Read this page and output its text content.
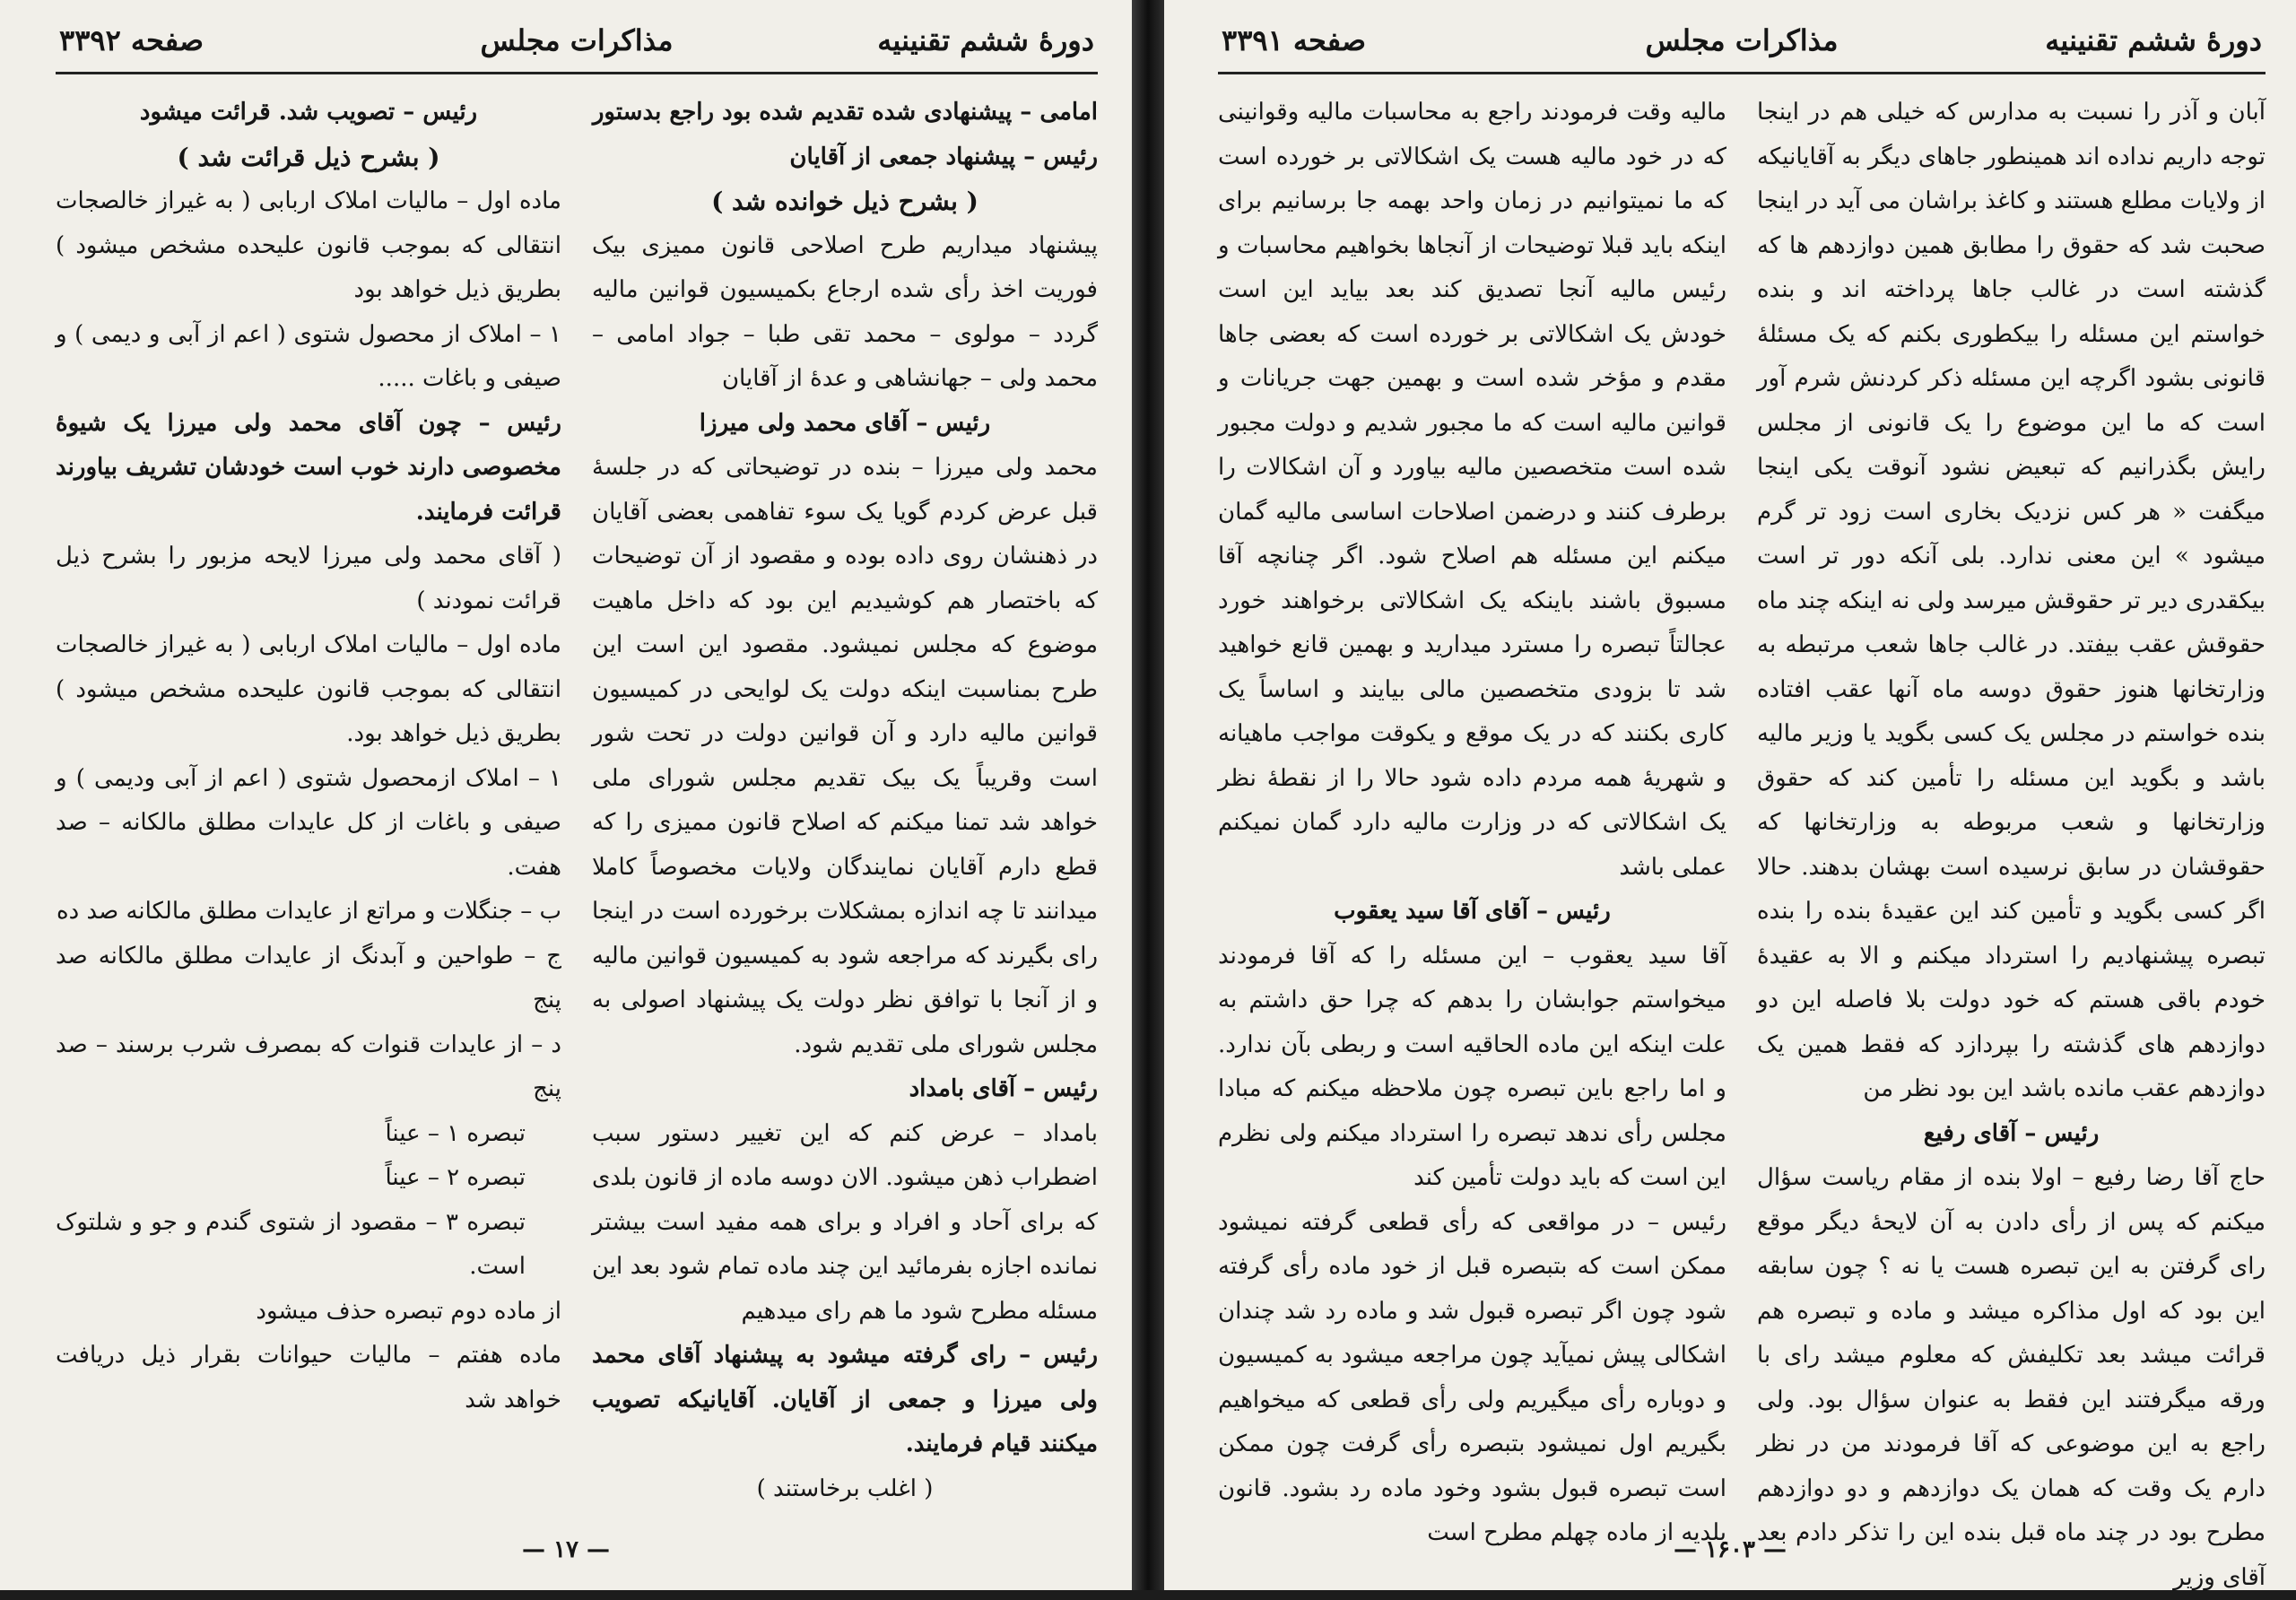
دورهٔ ششم تقنینیه
مذاکرات مجلس
صفحه ۳۳۹۲

امامی – پیشنهادی شده تقدیم شده بود راجع بدستور

رئیس – پیشنهاد جمعی از آقایان

( بشرح ذیل خوانده شد )

پیشنهاد میداریم طرح اصلاحی قانون ممیزی بیک فوریت اخذ رأی شده ارجاع بکمیسیون قوانین مالیه گردد – مولوی – محمد تقی طبا – جواد امامی – محمد ولی – جهانشاهی و عدهٔ از آقایان

رئیس – آقای محمد ولی میرزا

محمد ولی میرزا – بنده در توضیحاتی که در جلسهٔ قبل عرض کردم گویا یک سوء تفاهمی بعضی آقایان در ذهنشان روی داده بوده و مقصود از آن توضیحات که باختصار هم کوشیدیم این بود که داخل ماهیت موضوع که مجلس نمیشود. مقصود این است این طرح بمناسبت اینکه دولت یک لوایحی در کمیسیون قوانین مالیه دارد و آن قوانین دولت در تحت شور است وقریباً یک بیک تقدیم مجلس شورای ملی خواهد شد تمنا میکنم که اصلاح قانون ممیزی را که قطع دارم آقایان نمایندگان ولایات مخصوصاً کاملا میدانند تا چه اندازه بمشکلات برخورده است در اینجا رای بگیرند که مراجعه شود به کمیسیون قوانین مالیه و از آنجا با توافق نظر دولت یک پیشنهاد اصولی به مجلس شورای ملی تقدیم شود.

رئیس – آقای بامداد

بامداد – عرض کنم که این تغییر دستور سبب اضطراب ذهن میشود. الان دوسه ماده از قانون بلدی که برای آحاد و افراد و برای همه مفید است بیشتر نمانده اجازه بفرمائید این چند ماده تمام شود بعد این مسئله مطرح شود ما هم رای میدهیم

رئیس – رای گرفته میشود به پیشنهاد آقای محمد ولی میرزا و جمعی از آقایان. آقایانیکه تصویب میکنند قیام فرمایند.

( اغلب برخاستند )

رئیس – تصویب شد. قرائت میشود

( بشرح ذیل قرائت شد )

ماده اول – مالیات املاک اربابی ( به غیراز خالصجات انتقالی که بموجب قانون علیحده مشخص میشود ) بطریق ذیل خواهد بود

۱ – املاک از محصول شتوی ( اعم از آبی و دیمی ) و صیفی و باغات .....

رئیس – چون آقای محمد ولی میرزا یک شیوهٔ مخصوصی دارند خوب است خودشان تشریف بیاورند قرائت فرمایند.

( آقای محمد ولی میرزا لایحه مزبور را بشرح ذیل قرائت نمودند )

ماده اول – مالیات املاک اربابی ( به غیراز خالصجات انتقالی که بموجب قانون علیحده مشخص میشود ) بطریق ذیل خواهد بود.

۱ – املاک ازمحصول شتوی ( اعم از آبی ودیمی ) و صیفی و باغات از کل عایدات مطلق مالکانه – صد هفت.

ب – جنگلات و مراتع از عایدات مطلق مالکانه صد ده

ج – طواحین و آبدنگ از عایدات مطلق مالکانه صد پنج

د – از عایدات قنوات که بمصرف شرب برسند – صد پنج

تبصره ۱ – عیناً

تبصره ۲ – عیناً

تبصره ۳ – مقصود از شتوی گندم و جو و شلتوک است.

از ماده دوم تبصره حذف میشود

ماده هفتم – مالیات حیوانات بقرار ذیل دریافت خواهد شد

— ۱۷ —
دورهٔ ششم تقنینیه
مذاکرات مجلس
صفحه ۳۳۹۱

آبان و آذر را نسبت به مدارس که خیلی هم در اینجا توجه داریم نداده اند همینطور جاهای دیگر به آقایانیکه از ولایات مطلع هستند و کاغذ براشان می آید در اینجا صحبت شد که حقوق را مطابق همین دوازدهم ها که گذشته است در غالب جاها پرداخته اند و بنده خواستم این مسئله را بیکطوری بکنم که یک مسئلهٔ قانونی بشود اگرچه این مسئله ذکر کردنش شرم آور است که ما این موضوع را یک قانونی از مجلس رایش بگذرانیم که تبعیض نشود آنوقت یکی اینجا میگفت « هر کس نزدیک بخاری است زود تر گرم میشود » این معنی ندارد. بلی آنکه دور تر است بیکقدری دیر تر حقوقش میرسد ولی نه اینکه چند ماه حقوقش عقب بیفتد. در غالب جاها شعب مرتبطه به وزارتخانها هنوز حقوق دوسه ماه آنها عقب افتاده بنده خواستم در مجلس یک کسی بگوید یا وزیر مالیه باشد و بگوید این مسئله را تأمین کند که حقوق وزارتخانها و شعب مربوطه به وزارتخانها که حقوقشان در سابق نرسیده است بهشان بدهند. حالا اگر کسی بگوید و تأمین کند این عقیدهٔ بنده را بنده تبصره پیشنهادیم را استرداد میکنم و الا به عقیدهٔ خودم باقی هستم که خود دولت بلا فاصله این دو دوازدهم های گذشته را بپردازد که فقط همین یک دوازدهم عقب مانده باشد این بود نظر من

رئیس – آقای رفیع

حاج آقا رضا رفیع – اولا بنده از مقام ریاست سؤال میکنم که پس از رأی دادن به آن لایحهٔ دیگر موقع رای گرفتن به این تبصره هست یا نه ؟ چون سابقه این بود که اول مذاکره میشد و ماده و تبصره هم قرائت میشد بعد تکلیفش که معلوم میشد رای با ورقه میگرفتند این فقط به عنوان سؤال بود. ولی راجع به این موضوعی که آقا فرمودند من در نظر دارم یک وقت که همان یک دوازدهم و دو دوازدهم مطرح بود در چند ماه قبل بنده این را تذکر دادم بعد آقای وزیر

مالیه وقت فرمودند راجع به محاسبات مالیه وقوانینی که در خود مالیه هست یک اشکالاتی بر خورده است که ما نمیتوانیم در زمان واحد بهمه جا برسانیم برای اینکه باید قبلا توضیحات از آنجاها بخواهیم محاسبات و رئیس مالیه آنجا تصدیق کند بعد بیاید این است خودش یک اشکالاتی بر خورده است که بعضی جاها مقدم و مؤخر شده است و بهمین جهت جریانات و قوانین مالیه است که ما مجبور شدیم و دولت مجبور شده است متخصصین مالیه بیاورد و آن اشکالات را برطرف کنند و درضمن اصلاحات اساسی مالیه گمان میکنم این مسئله هم اصلاح شود. اگر چنانچه آقا مسبوق باشند باینکه یک اشکالاتی برخواهند خورد عجالتاً تبصره را مسترد میدارید و بهمین قانع خواهید شد تا بزودی متخصصین مالی بیایند و اساساً یک کاری بکنند که در یک موقع و یکوقت مواجب ماهیانه و شهریهٔ همه مردم داده شود حالا را از نقطهٔ نظر یک اشکالاتی که در وزارت مالیه دارد گمان نمیکنم عملی باشد

رئیس – آقای آقا سید یعقوب

آقا سید یعقوب – این مسئله را که آقا فرمودند میخواستم جوابشان را بدهم که چرا حق داشتم به علت اینکه این ماده الحاقیه است و ربطی بآن ندارد. و اما راجع باین تبصره چون ملاحظه میکنم که مبادا مجلس رأی ندهد تبصره را استرداد میکنم ولی نظرم این است که باید دولت تأمین کند

رئیس – در مواقعی که رأی قطعی گرفته نمیشود ممکن است که بتبصره قبل از خود ماده رأی گرفته شود چون اگر تبصره قبول شد و ماده رد شد چندان اشکالی پیش نمیآید چون مراجعه میشود به کمیسیون و دوباره رأی میگیریم ولی رأی قطعی که میخواهیم بگیریم اول نمیشود بتبصره رأی گرفت چون ممکن است تبصره قبول بشود وخود ماده رد بشود. قانون بلدیه از ماده چهلم مطرح است

— ۱۶۰۳ —
